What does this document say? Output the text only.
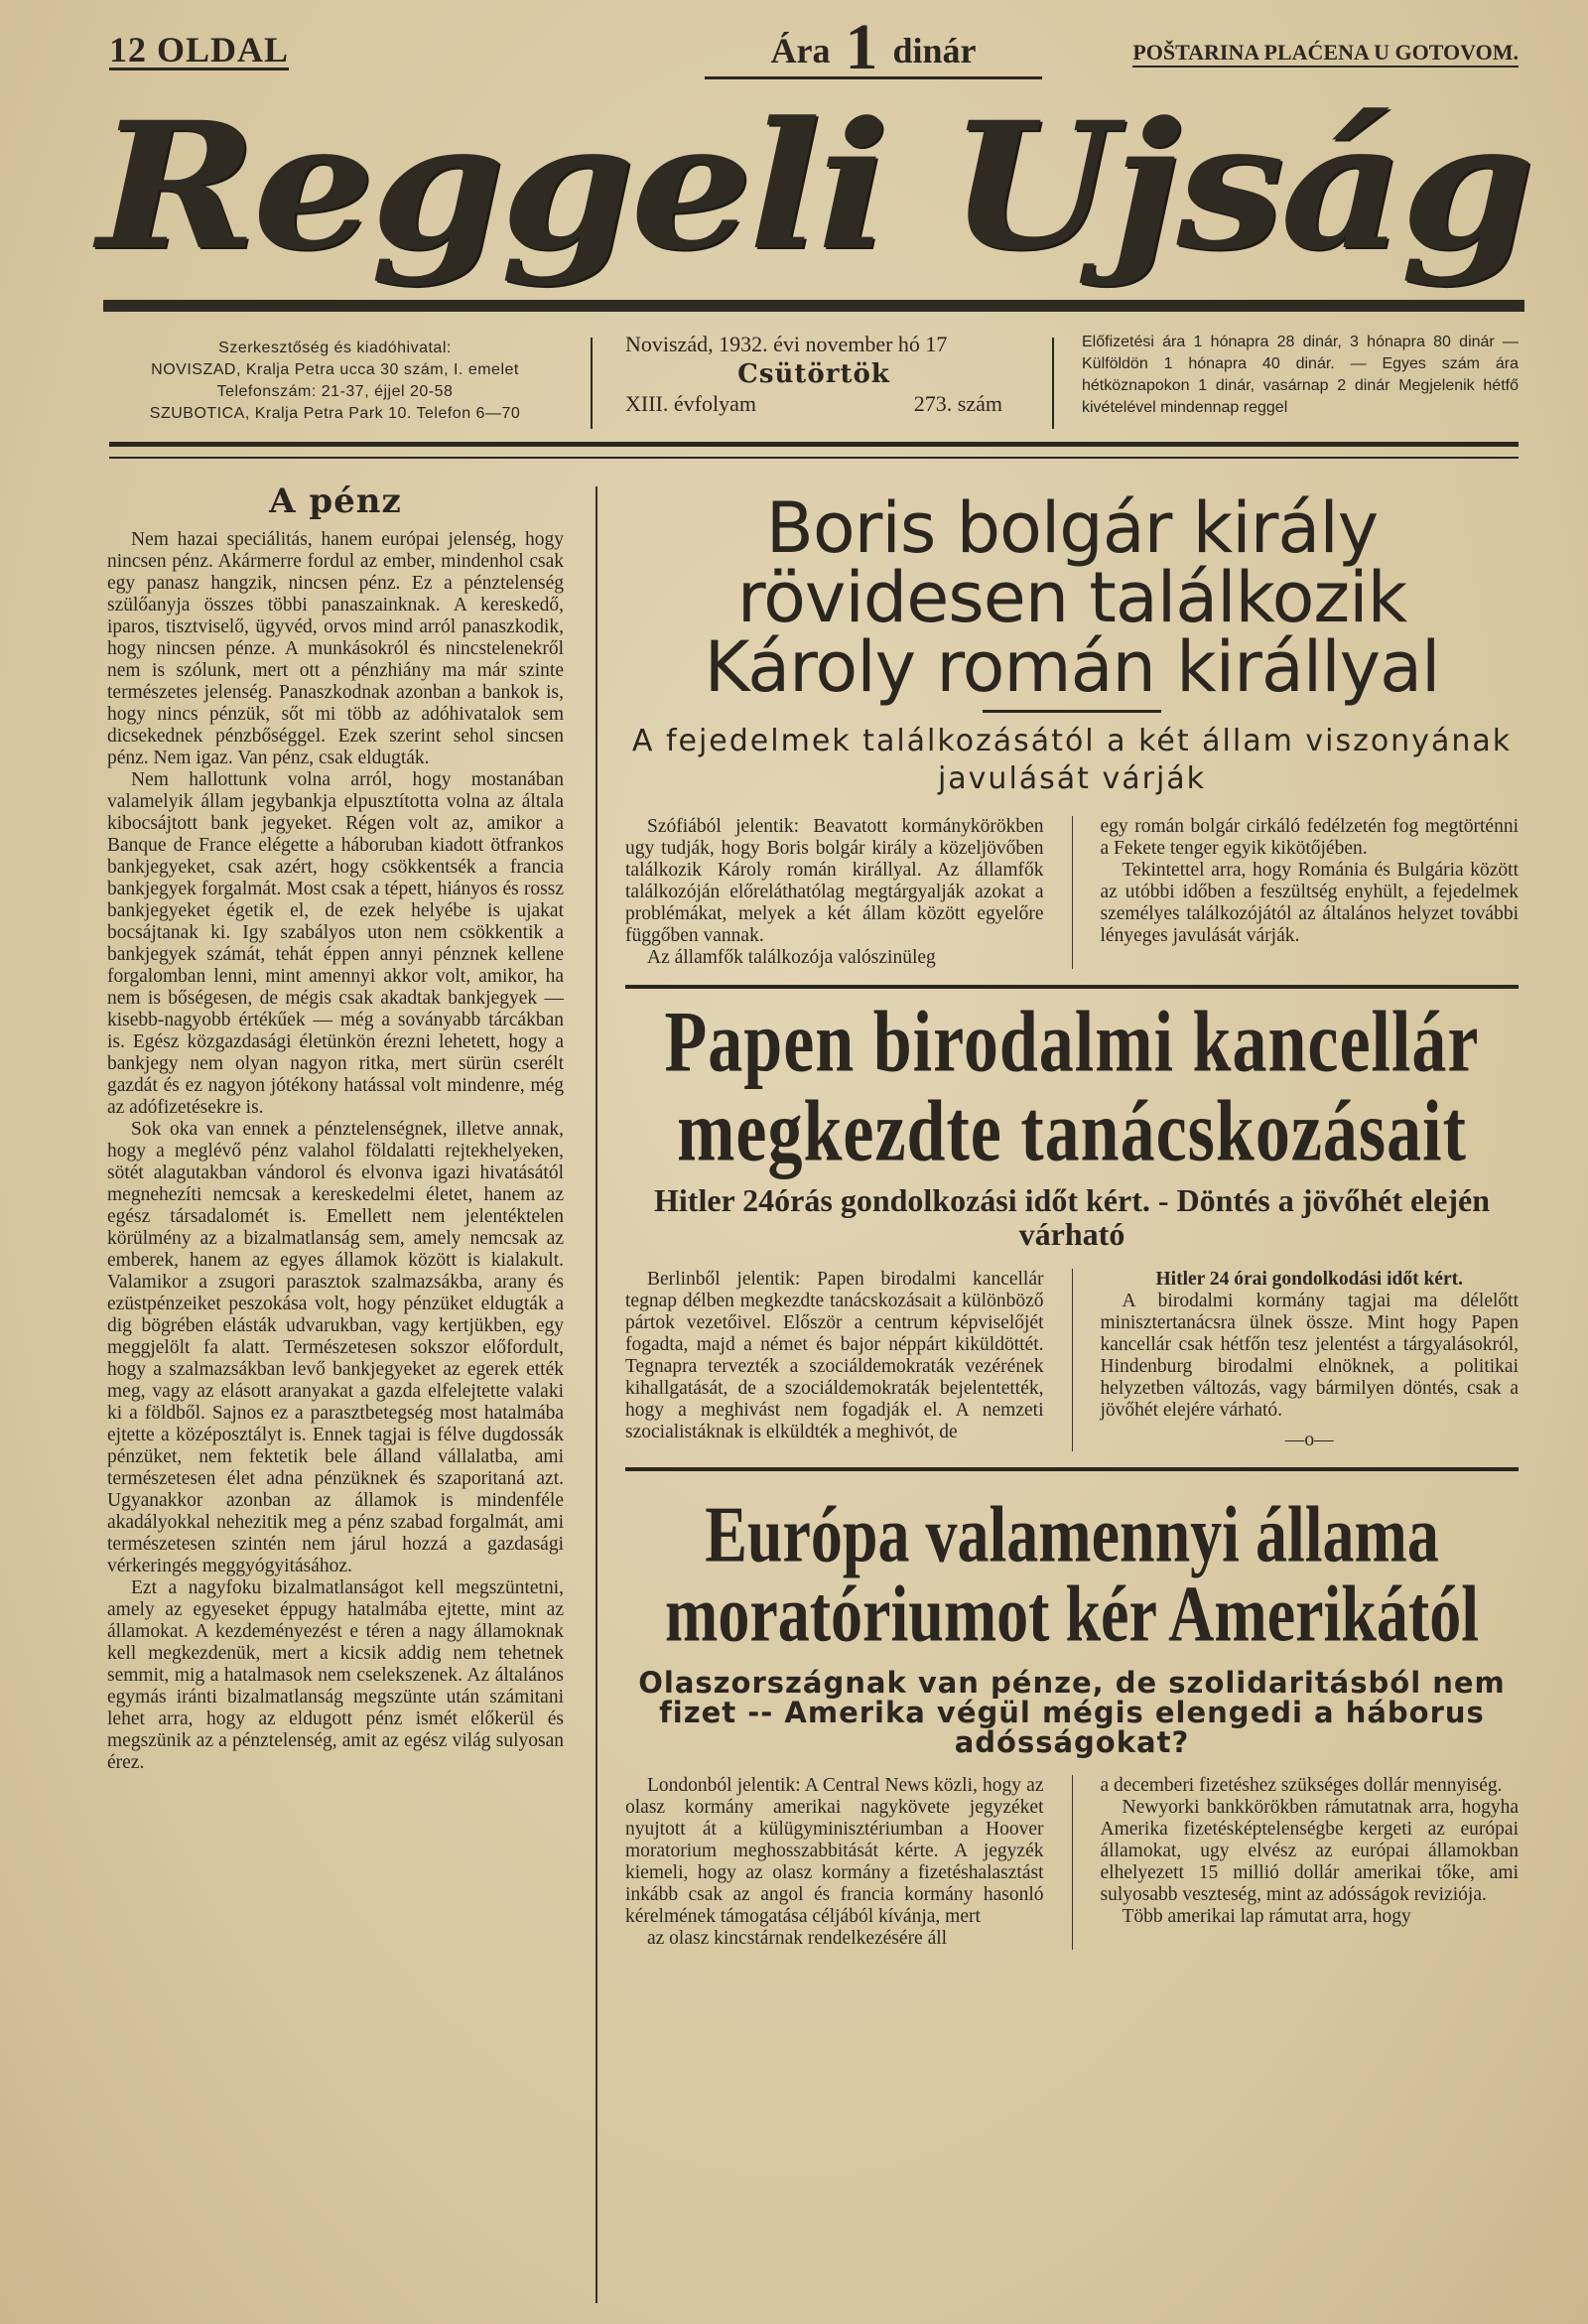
12 OLDAL	Ára 1 dinár	POŠTARINA PLAĆENA U GOTOVOM.
Reggeli Ujság
Szerkesztőség és kiadóhivatal:
NOVISZAD, Kralja Petra ucca 30 szám, I. emelet
Telefonszám: 21-37, éjjel 20-58
SZUBOTICA, Kralja Petra Park 10. Telefon 6—70
Noviszád, 1932. évi november hó 17
Csütörtök
XIII. évfolyam	273. szám
Előfizetési ára 1 hónapra 28 dinár, 3 hónapra 80 dinár — Külföldön 1 hónapra 40 dinár. — Egyes szám ára hétköznapokon 1 dinár, vasárnap 2 dinár Megjelenik hétfő kivételével mindennap reggel
A pénz

Nem hazai speciálitás, hanem európai jelenség, hogy nincsen pénz. Akármerre fordul az ember, mindenhol csak egy panasz hangzik, nincsen pénz. Ez a pénztelenség szülőanyja összes többi panaszainknak. A kereskedő, iparos, tisztviselő, ügyvéd, orvos mind arról panaszkodik, hogy nincsen pénze. A munkásokról és nincstelenekről nem is szólunk, mert ott a pénzhiány ma már szinte természetes jelenség. Panaszkodnak azonban a bankok is, hogy nincs pénzük, sőt mi több az adóhivatalok sem dicsekednek pénzbőséggel. Ezek szerint sehol sincsen pénz. Nem igaz. Van pénz, csak eldugták.

Nem hallottunk volna arról, hogy mostanában valamelyik állam jegybankja elpusztította volna az általa kibocsájtott bank jegyeket. Régen volt az, amikor a Banque de France elégette a háboruban kiadott ötfrankos bankjegyeket, csak azért, hogy csökkentsék a francia bankjegyek forgalmát. Most csak a tépett, hiányos és rossz bankjegyeket égetik el, de ezek helyébe is ujakat bocsájtanak ki. Igy szabályos uton nem csökkentik a bankjegyek számát, tehát éppen annyi pénznek kellene forgalomban lenni, mint amennyi akkor volt, amikor, ha nem is bőségesen, de mégis csak akadtak bankjegyek — kisebb-nagyobb értékűek — még a soványabb tárcákban is. Egész közgazdasági életünkön érezni lehetett, hogy a bankjegy nem olyan nagyon ritka, mert sürün cserélt gazdát és ez nagyon jótékony hatással volt mindenre, még az adófizetésekre is.

Sok oka van ennek a pénztelenségnek, illetve annak, hogy a meglévő pénz valahol földalatti rejtekhelyeken, sötét alagutakban vándorol és elvonva igazi hivatásától megnehezíti nemcsak a kereskedelmi életet, hanem az egész társadalomét is. Emellett nem jelentéktelen körülmény az a bizalmatlanság sem, amely nemcsak az emberek, hanem az egyes államok között is kialakult. Valamikor a zsugori parasztok szalmazsákba, arany és ezüstpénzeiket peszokása volt, hogy pénzüket eldugták a dig bögrében elásták udvarukban, vagy kertjükben, egy meggjelölt fa alatt. Természetesen sokszor előfordult, hogy a szalmazsákban levő bankjegyeket az egerek ették meg, vagy az elásott aranyakat a gazda elfelejtette valaki ki a földből. Sajnos ez a parasztbetegség most hatalmába ejtette a középosztályt is. Ennek tagjai is félve dugdossák pénzüket, nem fektetik bele álland vállalatba, ami természetesen élet adna pénzüknek és szaporitaná azt. Ugyanakkor azonban az államok is mindenféle akadályokkal nehezitik meg a pénz szabad forgalmát, ami természetesen szintén nem járul hozzá a gazdasági vérkeringés meggyógyitásához.

Ezt a nagyfoku bizalmatlanságot kell megszüntetni, amely az egyeseket éppugy hatalmába ejtette, mint az államokat. A kezdeményezést e téren a nagy államoknak kell megkezdenük, mert a kicsik addig nem tehetnek semmit, mig a hatalmasok nem cselekszenek. Az általános egymás iránti bizalmatlanság megszünte után számitani lehet arra, hogy az eldugott pénz ismét előkerül és megszünik az a pénztelenség, amit az egész világ sulyosan érez.

Boris bolgár király rövidesen találkozik Károly román királlyal
A fejedelmek találkozásától a két állam viszonyának javulását várják

Szófiából jelentik: Beavatott kormánykörökben ugy tudják, hogy Boris bolgár király a közeljövőben találkozik Károly román királlyal. Az államfők találkozóján előreláthatólag megtárgyalják azokat a problémákat, melyek a két állam között egyelőre függőben vannak.

Az államfők találkozója valószinüleg

egy román bolgár cirkáló fedélzetén fog megtörténni a Fekete tenger egyik kikötőjében.

Tekintettel arra, hogy Románia és Bulgária között az utóbbi időben a feszültség enyhült, a fejedelmek személyes találkozójától az általános helyzet további lényeges javulását várják.

Papen birodalmi kancellár megkezdte tanácskozásait
Hitler 24órás gondolkozási időt kért. - Döntés a jövőhét elején várható

Berlinből jelentik: Papen birodalmi kancellár tegnap délben megkezdte tanácskozásait a különböző pártok vezetőivel. Először a centrum képviselőjét fogadta, majd a német és bajor néppárt kiküldöttét. Tegnapra tervezték a szociáldemokraták vezérének kihallgatását, de a szociáldemokraták bejelentették, hogy a meghivást nem fogadják el. A nemzeti szocialistáknak is elküldték a meghivót, de

Hitler 24 órai gondolkodási időt kért.

A birodalmi kormány tagjai ma délelőtt minisztertanácsra ülnek össze. Mint hogy Papen kancellár csak hétfőn tesz jelentést a tárgyalásokról, Hindenburg birodalmi elnöknek, a politikai helyzetben változás, vagy bármilyen döntés, csak a jövőhét elejére várható.

—o—
Európa valamennyi állama moratóriumot kér Amerikától
Olaszországnak van pénze, de szolidaritásból nem fizet -- Amerika végül mégis elengedi a háborus adósságokat?

Londonból jelentik: A Central News közli, hogy az olasz kormány amerikai nagykövete jegyzéket nyujtott át a külügyminisztériumban a Hoover moratorium meghosszabbitását kérte. A jegyzék kiemeli, hogy az olasz kormány a fizetéshalasztást inkább csak az angol és francia kormány hasonló kérelmének támogatása céljából kívánja, mert

az olasz kincstárnak rendelkezésére áll

a decemberi fizetéshez szükséges dollár mennyiség.

Newyorki bankkörökben rámutatnak arra, hogyha Amerika fizetésképtelenségbe kergeti az európai államokat, ugy elvész az európai államokban elhelyezett 15 millió dollár amerikai tőke, ami sulyosabb veszteség, mint az adósságok reviziója.

Több amerikai lap rámutat arra, hogy
